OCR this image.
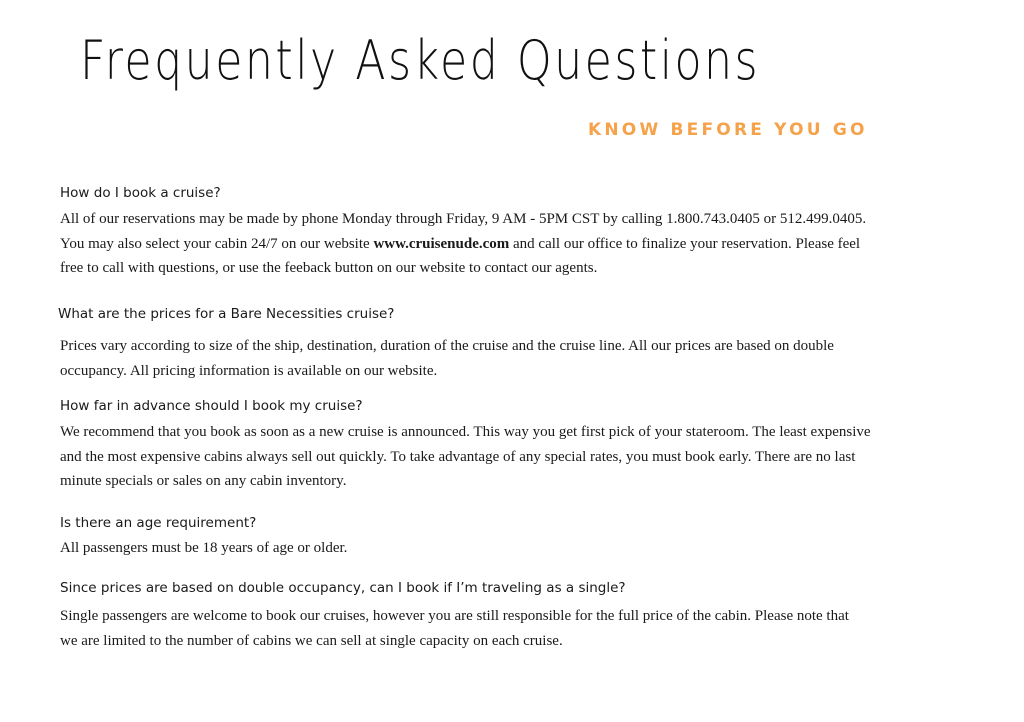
Frequently Asked Questions
KNOW BEFORE YOU GO

How do I book a cruise?

All of our reservations may be made by phone Monday through Friday, 9 AM - 5PM CST by calling 1.800.743.0405 or 512.499.0405.

You may also select your cabin 24/7 on our website www.cruisenude.com and call our office to finalize your reservation. Please feel

free to call with questions, or use the feeback button on our website to contact our agents.

What are the prices for a Bare Necessities cruise?

Prices vary according to size of the ship, destination, duration of the cruise and the cruise line. All our prices are based on double

occupancy. All pricing information is available on our website.

How far in advance should I book my cruise?

We recommend that you book as soon as a new cruise is announced. This way you get first pick of your stateroom. The least expensive

and the most expensive cabins always sell out quickly. To take advantage of any special rates, you must book early. There are no last

minute specials or sales on any cabin inventory.

Is there an age requirement?

All passengers must be 18 years of age or older.

Since prices are based on double occupancy, can I book if I’m traveling as a single?

Single passengers are welcome to book our cruises, however you are still responsible for the full price of the cabin. Please note that

we are limited to the number of cabins we can sell at single capacity on each cruise.
